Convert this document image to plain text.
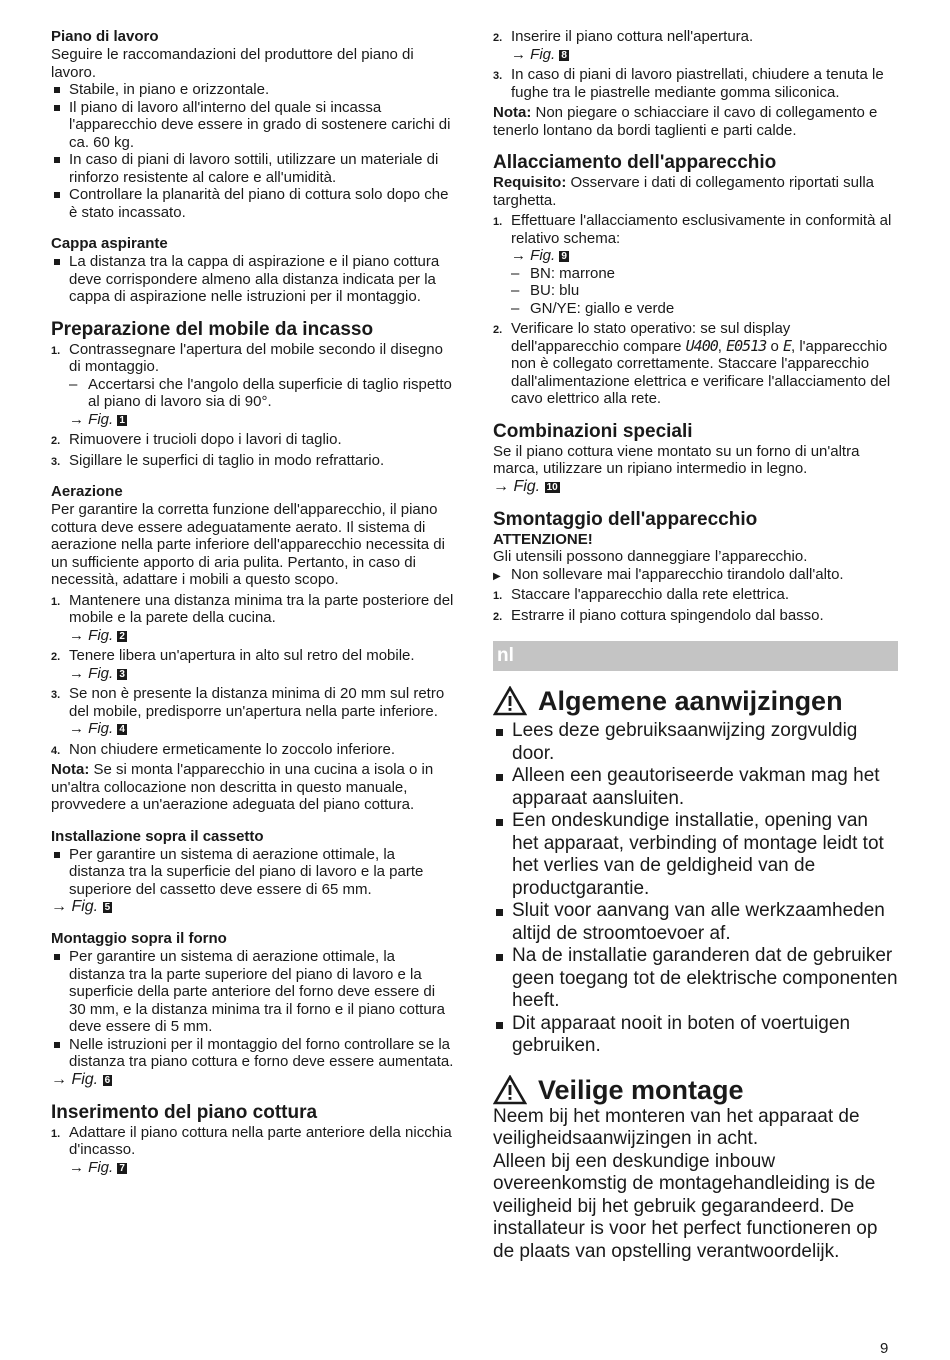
Piano di lavoro

Seguire le raccomandazioni del produttore del piano di lavoro.

Stabile, in piano e orizzontale.
Il piano di lavoro all'interno del quale si incassa l'apparecchio deve essere in grado di sostenere carichi di ca. 60 kg.
In caso di piani di lavoro sottili, utilizzare un materiale di rinforzo resistente al calore e all'umidità.
Controllare la planarità del piano di cottura solo dopo che è stato incassato.
Cappa aspirante
La distanza tra la cappa di aspirazione e il piano cottura deve corrispondere almeno alla distanza indicata per la cappa di aspirazione nelle istruzioni per il montaggio.
Preparazione del mobile da incasso
1. Contrassegnare l'apertura del mobile secondo il disegno di montaggio.
– Accertarsi che l'angolo della superficie di taglio rispetto al piano di lavoro sia di 90°.
→ Fig. 1
2. Rimuovere i trucioli dopo i lavori di taglio.
3. Sigillare le superfici di taglio in modo refrattario.
Aerazione

Per garantire la corretta funzione dell'apparecchio, il piano cottura deve essere adeguatamente aerato. Il sistema di aerazione nella parte inferiore dell'apparecchio necessita di un sufficiente apporto di aria pulita. Pertanto, in caso di necessità, adattare i mobili a questo scopo.

1. Mantenere una distanza minima tra la parte posteriore del mobile e la parete della cucina.
→ Fig. 2
2. Tenere libera un'apertura in alto sul retro del mobile.
→ Fig. 3
3. Se non è presente la distanza minima di 20 mm sul retro del mobile, predisporre un'apertura nella parte inferiore.
→ Fig. 4
4. Non chiudere ermeticamente lo zoccolo inferiore.

Nota: Se si monta l'apparecchio in una cucina a isola o in un'altra collocazione non descritta in questo manuale, provvedere a un'aerazione adeguata del piano cottura.

Installazione sopra il cassetto
Per garantire un sistema di aerazione ottimale, la distanza tra la superficie del piano di lavoro e la parte superiore del cassetto deve essere di 65 mm.
→ Fig. 5
Montaggio sopra il forno
Per garantire un sistema di aerazione ottimale, la distanza tra la parte superiore del piano di lavoro e la superficie della parte anteriore del forno deve essere di 30 mm, e la distanza minima tra il forno e il piano cottura deve essere di 5 mm.
Nelle istruzioni per il montaggio del forno controllare se la distanza tra piano cottura e forno deve essere aumentata.
→ Fig. 6
Inserimento del piano cottura
1. Adattare il piano cottura nella parte anteriore della nicchia d'incasso.
→ Fig. 7
2. Inserire il piano cottura nell'apertura.
→ Fig. 8
3. In caso di piani di lavoro piastrellati, chiudere a tenuta le fughe tra le piastrelle mediante gomma siliconica.

Nota: Non piegare o schiacciare il cavo di collegamento e tenerlo lontano da bordi taglienti e parti calde.

Allacciamento dell'apparecchio

Requisito: Osservare i dati di collegamento riportati sulla targhetta.

1. Effettuare l'allacciamento esclusivamente in conformità al relativo schema:
→ Fig. 9
– BN: marrone
– BU: blu
– GN/YE: giallo e verde
2. Verificare lo stato operativo: se sul display dell'apparecchio compare U400, E0513 o E, l'apparecchio non è collegato correttamente. Staccare l'apparecchio dall'alimentazione elettrica e verificare l'allacciamento del cavo elettrico alla rete.
Combinazioni speciali

Se il piano cottura viene montato su un forno di un'altra marca, utilizzare un ripiano intermedio in legno.

→ Fig. 10
Smontaggio dell'apparecchio

ATTENZIONE!

Gli utensili possono danneggiare l’apparecchio.

▶ Non sollevare mai l'apparecchio tirandolo dall'alto.

1. Staccare l'apparecchio dalla rete elettrica.
2. Estrarre il piano cottura spingendolo dal basso.
nl
Algemene aanwijzingen
Lees deze gebruiksaanwijzing zorgvuldig door.
Alleen een geautoriseerde vakman mag het apparaat aansluiten.
Een ondeskundige installatie, opening van het apparaat, verbinding of montage leidt tot het verlies van de geldigheid van de productgarantie.
Sluit voor aanvang van alle werkzaamheden altijd de stroomtoevoer af.
Na de installatie garanderen dat de gebruiker geen toegang tot de elektrische componenten heeft.
Dit apparaat nooit in boten of voertuigen gebruiken.
Veilige montage

Neem bij het monteren van het apparaat de veiligheidsaanwijzingen in acht.

Alleen bij een deskundige inbouw overeenkomstig de montagehandleiding is de veiligheid bij het gebruik gegarandeerd. De installateur is voor het perfect functioneren op de plaats van opstelling verantwoordelijk.

9
